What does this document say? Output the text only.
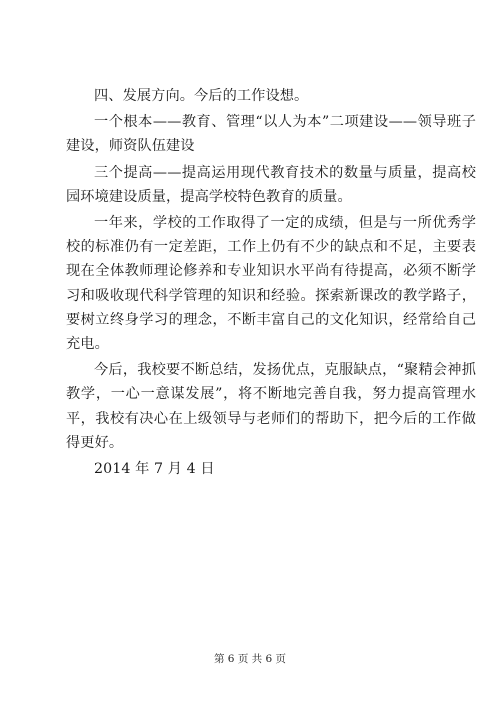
四、发展方向。今后的工作设想。

一个根本——教育、管理“以人为本”二项建设——领导班子建设，师资队伍建设

三个提高——提高运用现代教育技术的数量与质量，提高校园环境建设质量，提高学校特色教育的质量。

一年来，学校的工作取得了一定的成绩，但是与一所优秀学校的标准仍有一定差距，工作上仍有不少的缺点和不足，主要表现在全体教师理论修养和专业知识水平尚有待提高，必须不断学习和吸收现代科学管理的知识和经验。探索新课改的教学路子，要树立终身学习的理念，不断丰富自己的文化知识，经常给自己充电。

今后，我校要不断总结，发扬优点，克服缺点，“聚精会神抓教学，一心一意谋发展”，将不断地完善自我，努力提高管理水平，我校有决心在上级领导与老师们的帮助下，把今后的工作做得更好。

2014 年 7 月 4 日

第 6 页 共 6 页
